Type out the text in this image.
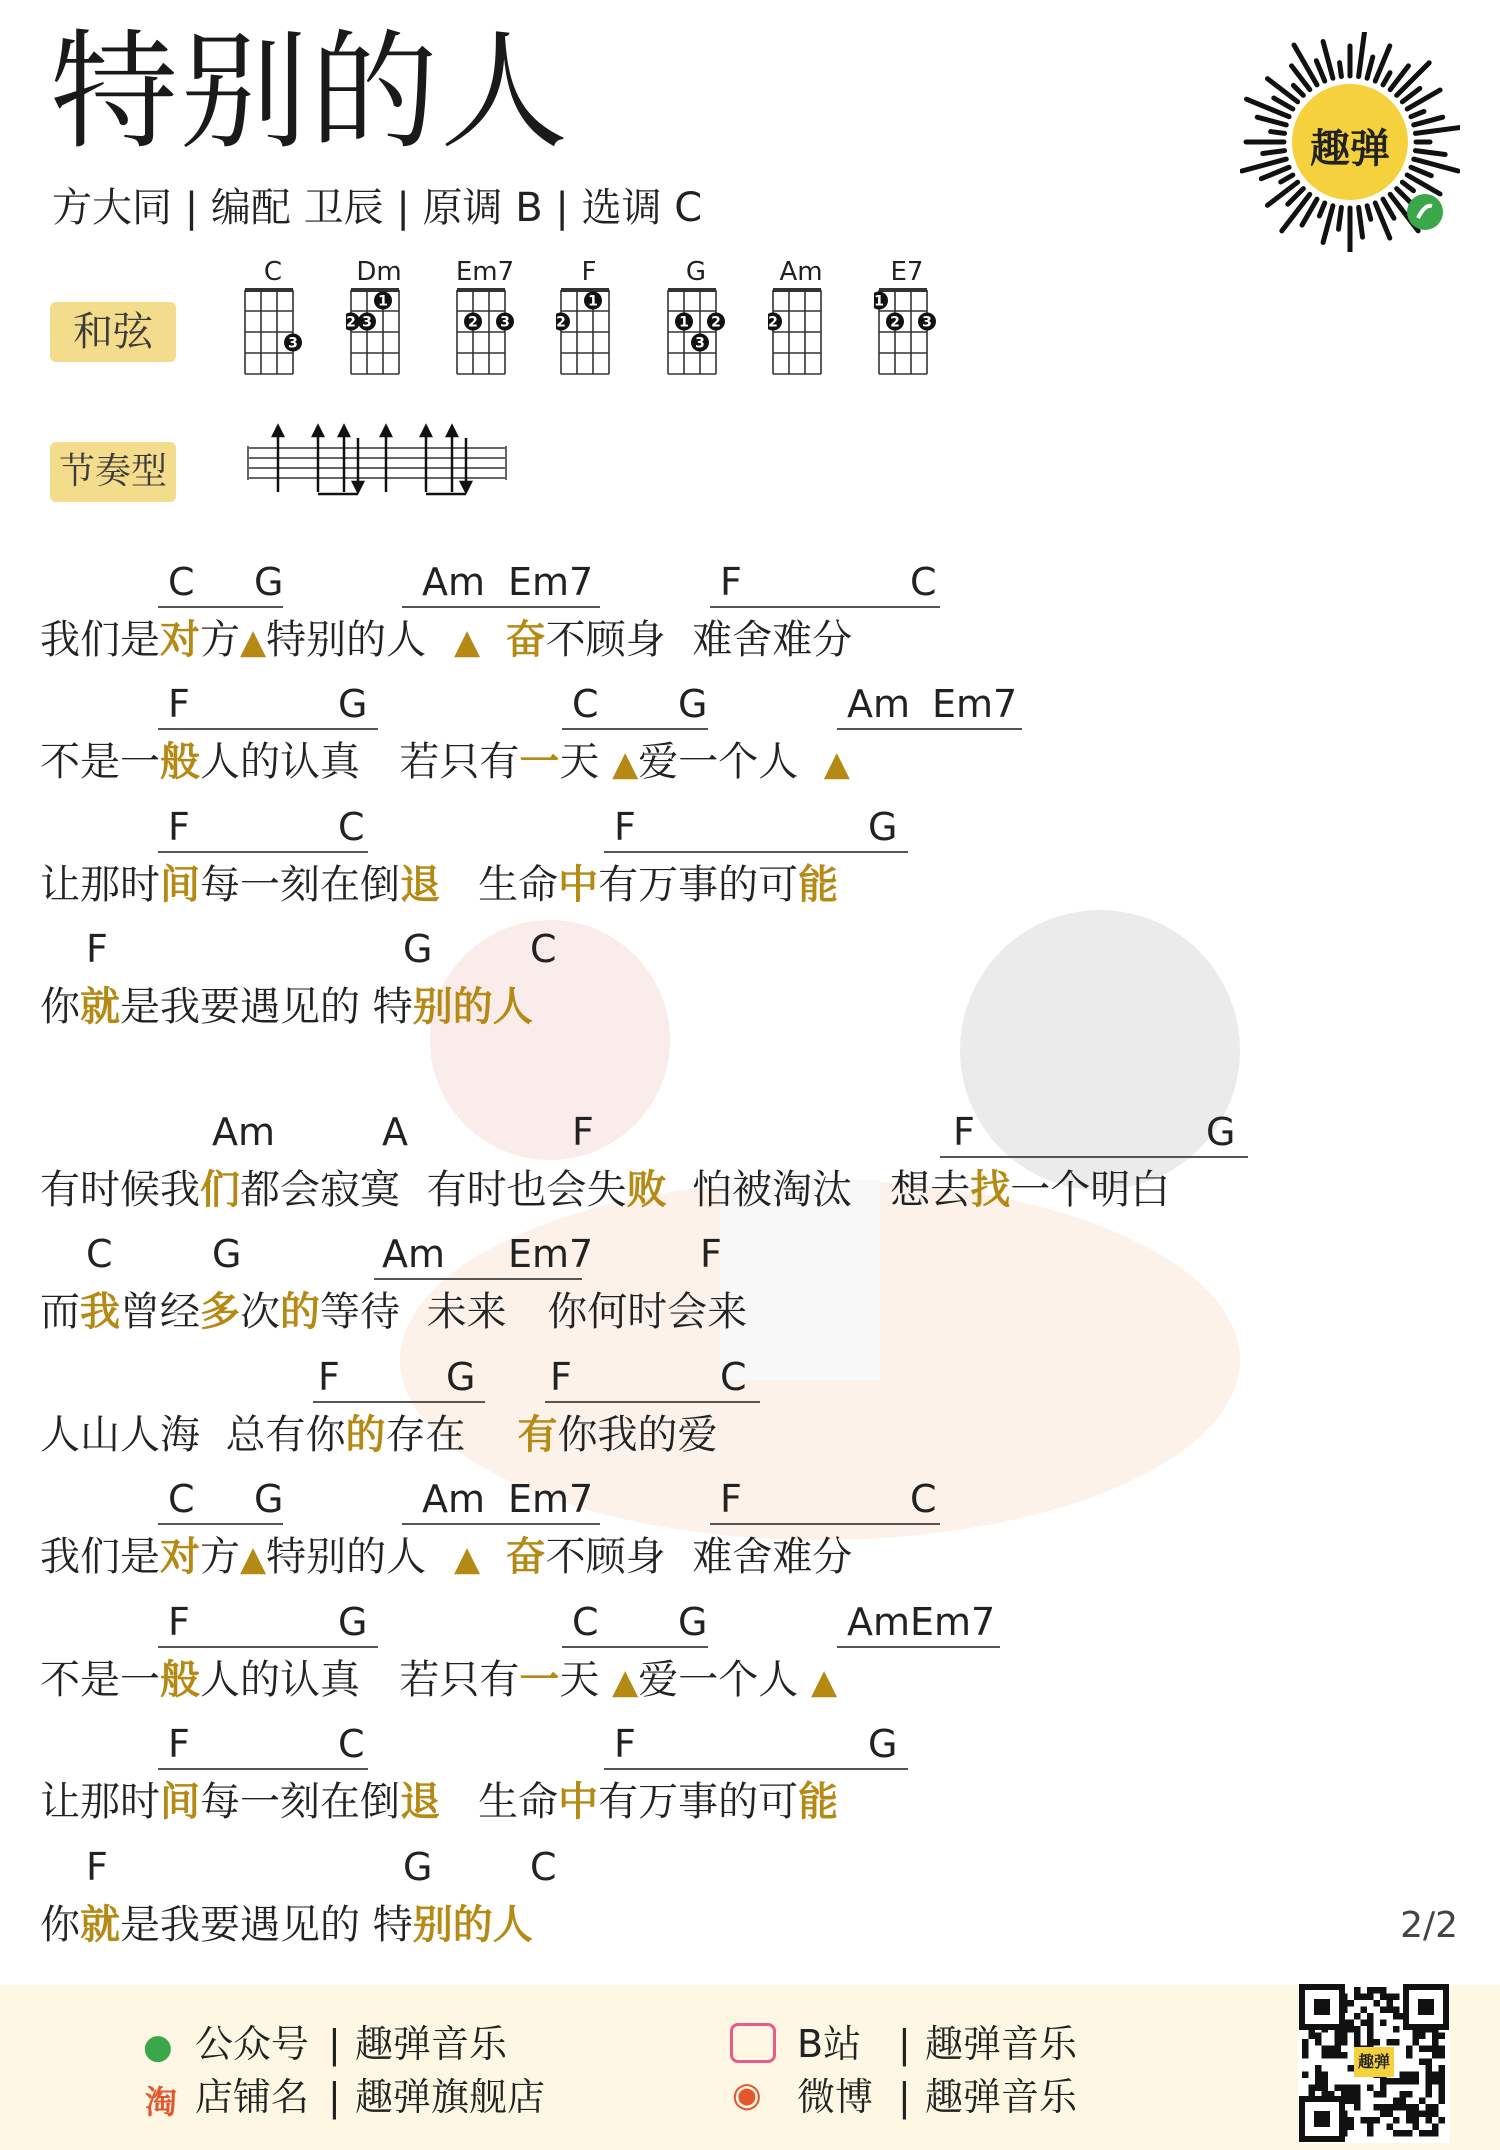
特别的人
方大同 | 编配 卫辰 | 原调 B | 选调 C
趣弹
和弦
节奏型
C
3
Dm
2 3
1
Em7
2 3
F
2
1
G
1
3
2
Am
2
E7
1
2 3
C G	Am Em7	F	C
我们是对方▲特别的人 ▲ 奋不顾身 难舍难分
F	G	C G	Am Em7
不是一般人的认真 若只有一天 ▲爱一个人 ▲
F	C	F	G
让那时间每一刻在倒退 生命中有万事的可能
F	G	C
你就是我要遇见的 特别的人
Am	A	F	F	G
有时候我们都会寂寞 有时也会失败 怕被淘汰 想去找一个明白
C	G	Am Em7	F
而我曾经多次的等待 未来 你何时会来
F	G F	C
人山人海 总有你的存在 有你我的爱
C G	Am Em7	F	C
我们是对方▲特别的人 ▲ 奋不顾身 难舍难分
F	G	C G	AmEm7
不是一般人的认真 若只有一天 ▲爱一个人 ▲
F	C	F	G
让那时间每一刻在倒退 生命中有万事的可能
F	G	C
你就是我要遇见的 特别的人	2/2
● 公众号 | 趣弹音乐
淘 店铺名 | 趣弹旗舰店
B站 | 趣弹音乐
◉ 微博 | 趣弹音乐
趣弹
